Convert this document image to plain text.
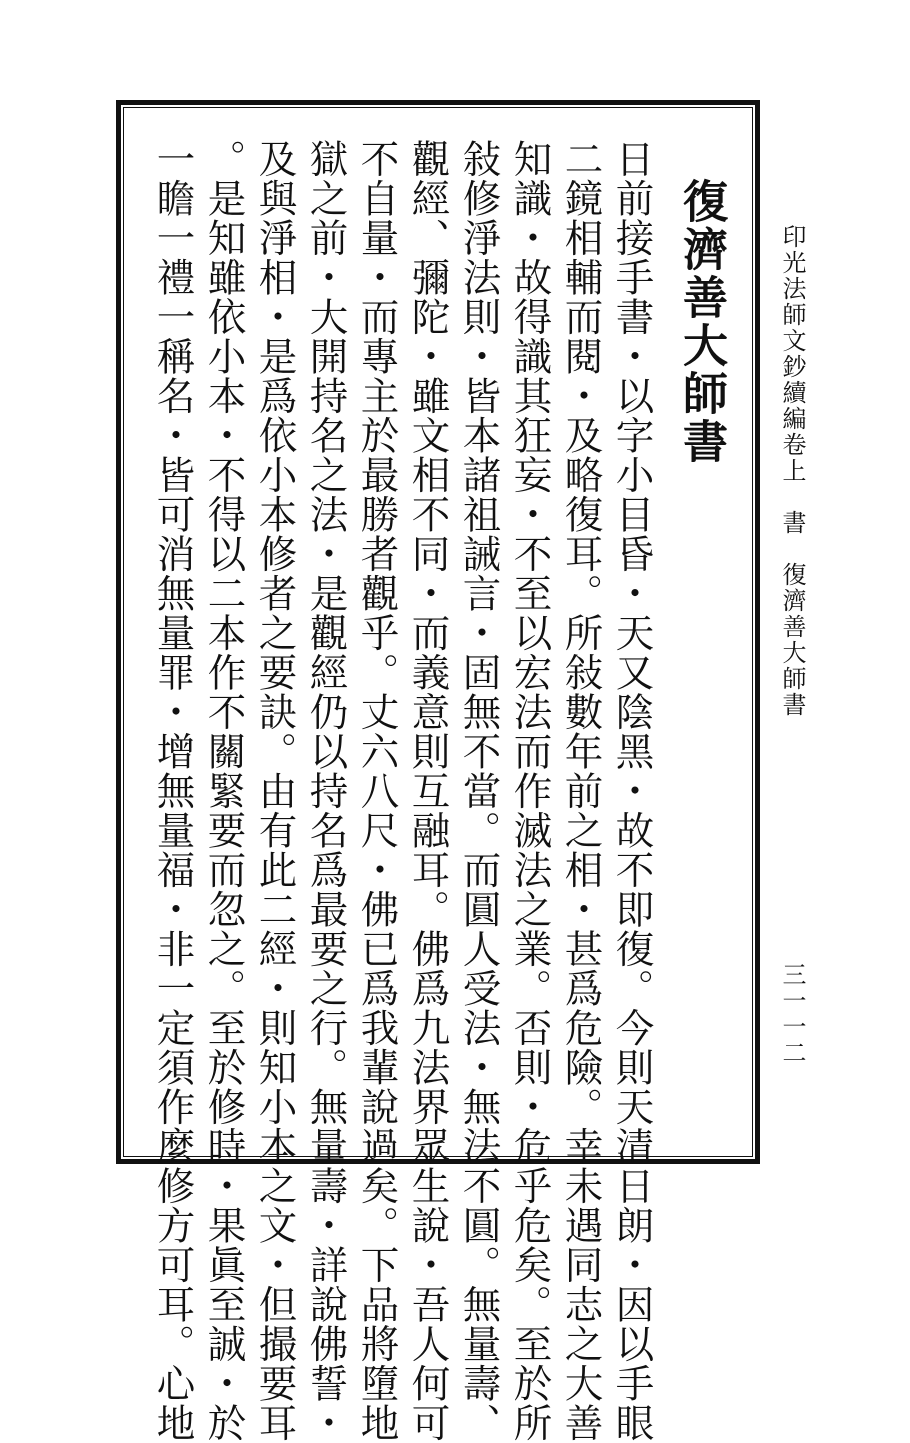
印光法師文鈔續編卷上　書　復濟善大師書
三一一二
復濟善大師書
日前接手書・以字小目昏・天又陰黑・故不即復。今則天清日朗・因以手眼
二鏡相輔而閱・及略復耳。所敍數年前之相・甚爲危險。幸未遇同志之大善
知識・故得識其狂妄・不至以宏法而作滅法之業。否則・危乎危矣。至於所
敍修淨法則・皆本諸祖誡言・固無不當。而圓人受法・無法不圓。無量壽、
觀經、彌陀・雖文相不同・而義意則互融耳。佛爲九法界眾生說・吾人何可
不自量・而專主於最勝者觀乎。丈六八尺・佛已爲我輩說過矣。下品將墮地
獄之前・大開持名之法・是觀經仍以持名爲最要之行。無量壽・詳說佛誓・
及與淨相・是爲依小本修者之要訣。由有此二經・則知小本之文・但撮要耳
。是知雖依小本・不得以二本作不關緊要而忽之。至於修時・果眞至誠・於
一瞻一禮一稱名・皆可消無量罪・增無量福・非一定須作麼修方可耳。心地
